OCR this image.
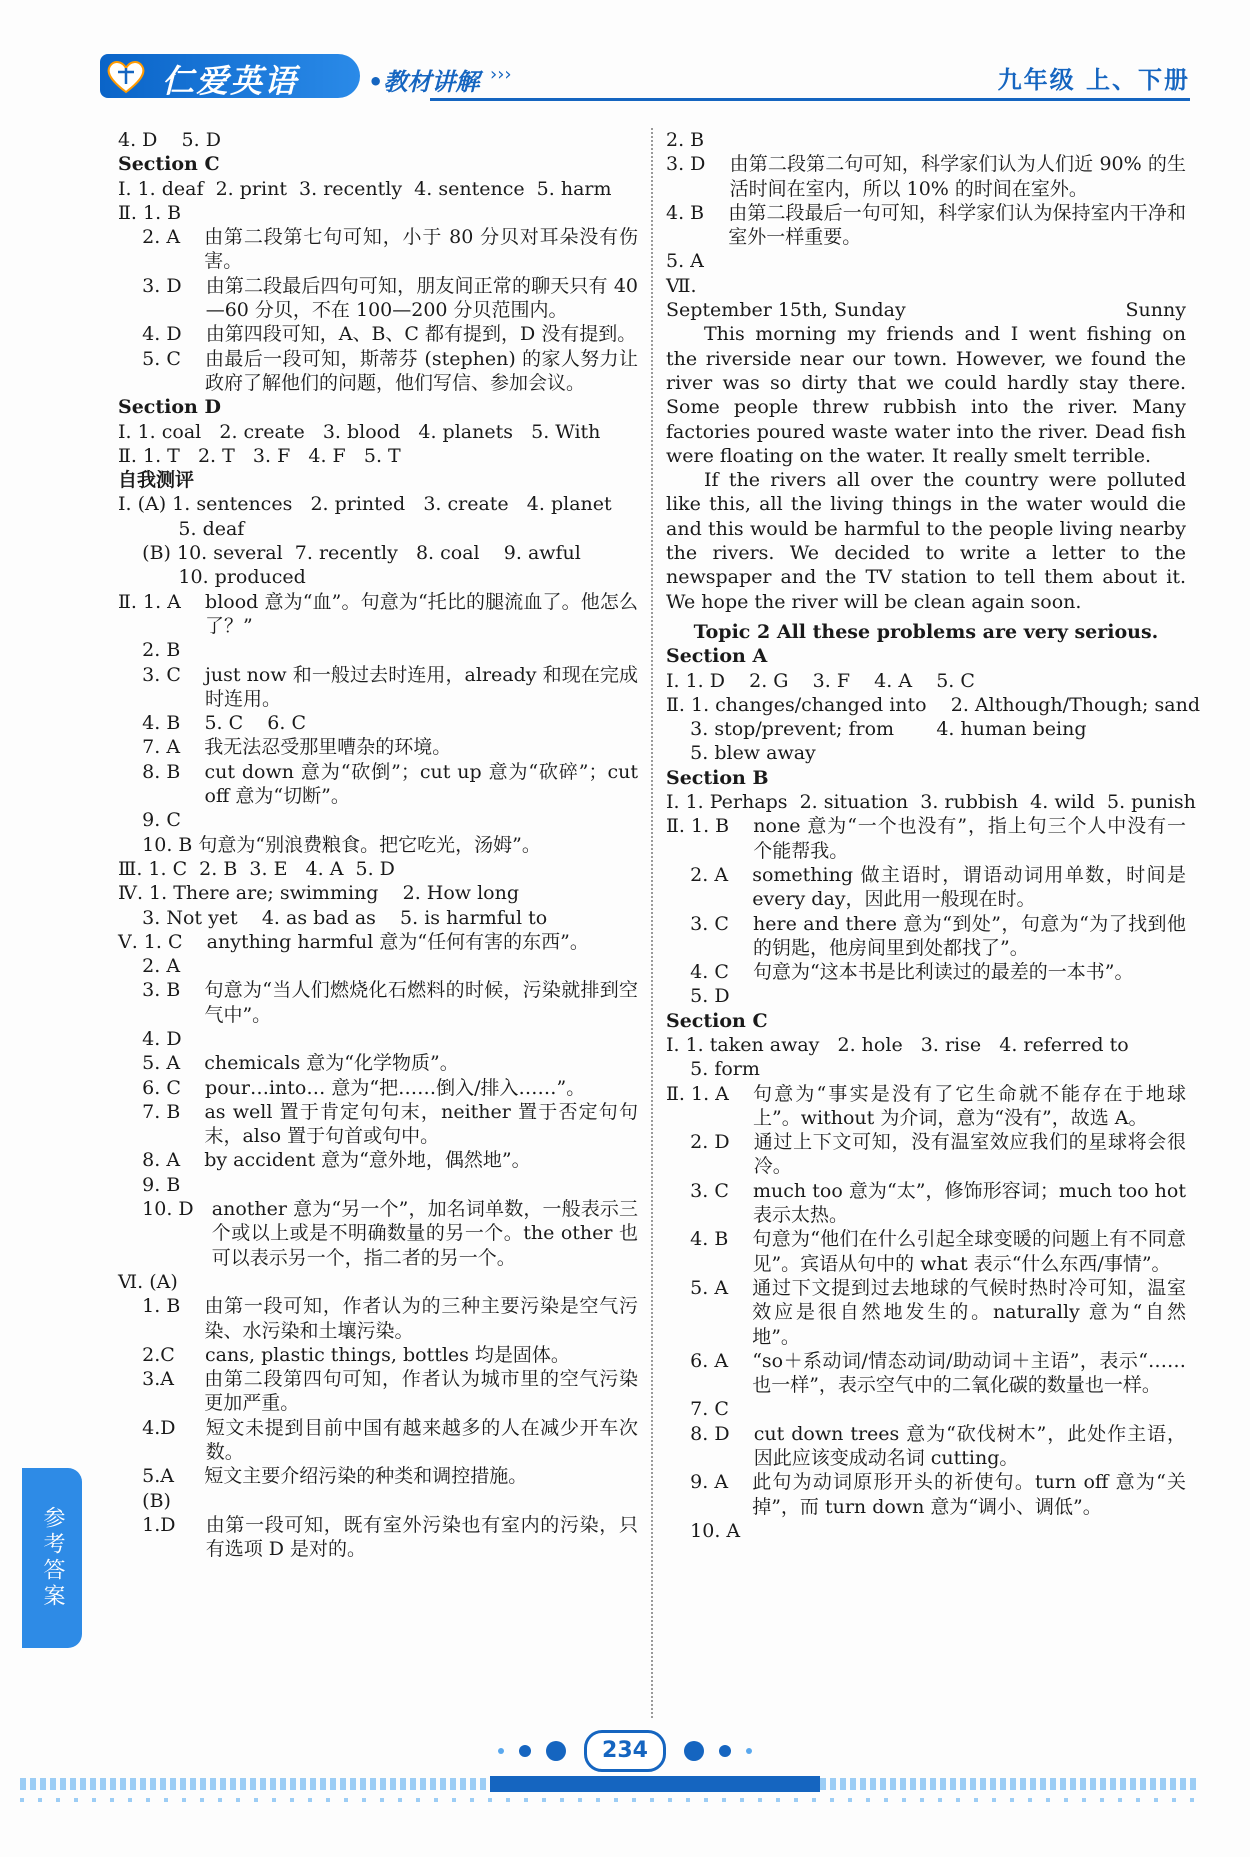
仁爱英语	•教材讲解 ›››	九年级 上、下册
4. D    5. D
Section C
Ⅰ. 1. deaf  2. print  3. recently  4. sentence  5. harm
Ⅱ. 1. B
2. A 由第二段第七句可知，小于 80 分贝对耳朵没有伤害。
3. D 由第二段最后四句可知，朋友间正常的聊天只有 40—60 分贝，不在 100—200 分贝范围内。
4. D 由第四段可知，A、B、C 都有提到，D 没有提到。
5. C 由最后一段可知，斯蒂芬 (stephen) 的家人努力让政府了解他们的问题，他们写信、参加会议。
Section D
Ⅰ. 1. coal   2. create   3. blood   4. planets   5. With
Ⅱ. 1. T   2. T   3. F   4. F   5. T
自我测评
Ⅰ. (A) 1. sentences   2. printed   3. create   4. planet
5. deaf
(B) 10. several  7. recently   8. coal    9. awful
10. produced
Ⅱ. 1. A blood 意为“血”。句意为“托比的腿流血了。他怎么了？”
2. B
3. C just now 和一般过去时连用，already 和现在完成时连用。
4. B    5. C    6. C
7. A 我无法忍受那里嘈杂的环境。
8. B cut down 意为“砍倒”；cut up 意为“砍碎”；cut off 意为“切断”。
9. C
10. B 句意为“别浪费粮食。把它吃光，汤姆”。
Ⅲ. 1. C  2. B  3. E   4. A  5. D
Ⅳ. 1. There are; swimming    2. How long
3. Not yet    4. as bad as    5. is harmful to
Ⅴ. 1. C anything harmful 意为“任何有害的东西”。
2. A
3. B 句意为“当人们燃烧化石燃料的时候，污染就排到空气中”。
4. D
5. A chemicals 意为“化学物质”。
6. C pour…into… 意为“把……倒入/排入……”。
7. B as well 置于肯定句句末，neither 置于否定句句末，also 置于句首或句中。
8. A by accident 意为“意外地，偶然地”。
9. B
10. D another 意为“另一个”，加名词单数，一般表示三个或以上或是不明确数量的另一个。the other 也可以表示另一个，指二者的另一个。
Ⅵ. (A)
1. B 由第一段可知，作者认为的三种主要污染是空气污染、水污染和土壤污染。
2.C cans, plastic things, bottles 均是固体。
3.A 由第二段第四句可知，作者认为城市里的空气污染更加严重。
4.D 短文未提到目前中国有越来越多的人在减少开车次数。
5.A 短文主要介绍污染的种类和调控措施。
(B)
1.D 由第一段可知，既有室外污染也有室内的污染，只有选项 D 是对的。
2. B
3. D 由第二段第二句可知，科学家们认为人们近 90% 的生活时间在室内，所以 10% 的时间在室外。
4. B 由第二段最后一句可知，科学家们认为保持室内干净和室外一样重要。
5. A
Ⅶ.
September 15th, Sunday	Sunny
This morning my friends and I went fishing on the riverside near our town. However, we found the river was so dirty that we could hardly stay there. Some people threw rubbish into the river. Many factories poured waste water into the river. Dead fish were floating on the water. It really smelt terrible.
If the rivers all over the country were polluted like this, all the living things in the water would die and this would be harmful to the people living nearby the rivers. We decided to write a letter to the newspaper and the TV station to tell them about it. We hope the river will be clean again soon.
Topic 2 All these problems are very serious.
Section A
Ⅰ. 1. D    2. G    3. F    4. A    5. C
Ⅱ. 1. changes/changed into    2. Although/Though; sand
3. stop/prevent; from       4. human being
5. blew away
Section B
Ⅰ. 1. Perhaps  2. situation  3. rubbish  4. wild  5. punish
Ⅱ. 1. B none 意为“一个也没有”，指上句三个人中没有一个能帮我。
2. A something 做主语时，谓语动词用单数，时间是 every day，因此用一般现在时。
3. C here and there 意为“到处”，句意为“为了找到他的钥匙，他房间里到处都找了”。
4. C 句意为“这本书是比利读过的最差的一本书”。
5. D
Section C
Ⅰ. 1. taken away   2. hole   3. rise   4. referred to
5. form
Ⅱ. 1. A 句意为“事实是没有了它生命就不能存在于地球上”。without 为介词，意为“没有”，故选 A。
2. D 通过上下文可知，没有温室效应我们的星球将会很冷。
3. C much too 意为“太”，修饰形容词；much too hot 表示太热。
4. B 句意为“他们在什么引起全球变暖的问题上有不同意见”。宾语从句中的 what 表示“什么东西/事情”。
5. A 通过下文提到过去地球的气候时热时冷可知，温室效应是很自然地发生的。naturally 意为“自然地”。
6. A “so＋系动词/情态动词/助动词＋主语”，表示“……也一样”，表示空气中的二氧化碳的数量也一样。
7. C
8. D cut down trees 意为“砍伐树木”，此处作主语，因此应该变成动名词 cutting。
9. A 此句为动词原形开头的祈使句。turn off 意为“关掉”，而 turn down 意为“调小、调低”。
10. A
参考答案
234
